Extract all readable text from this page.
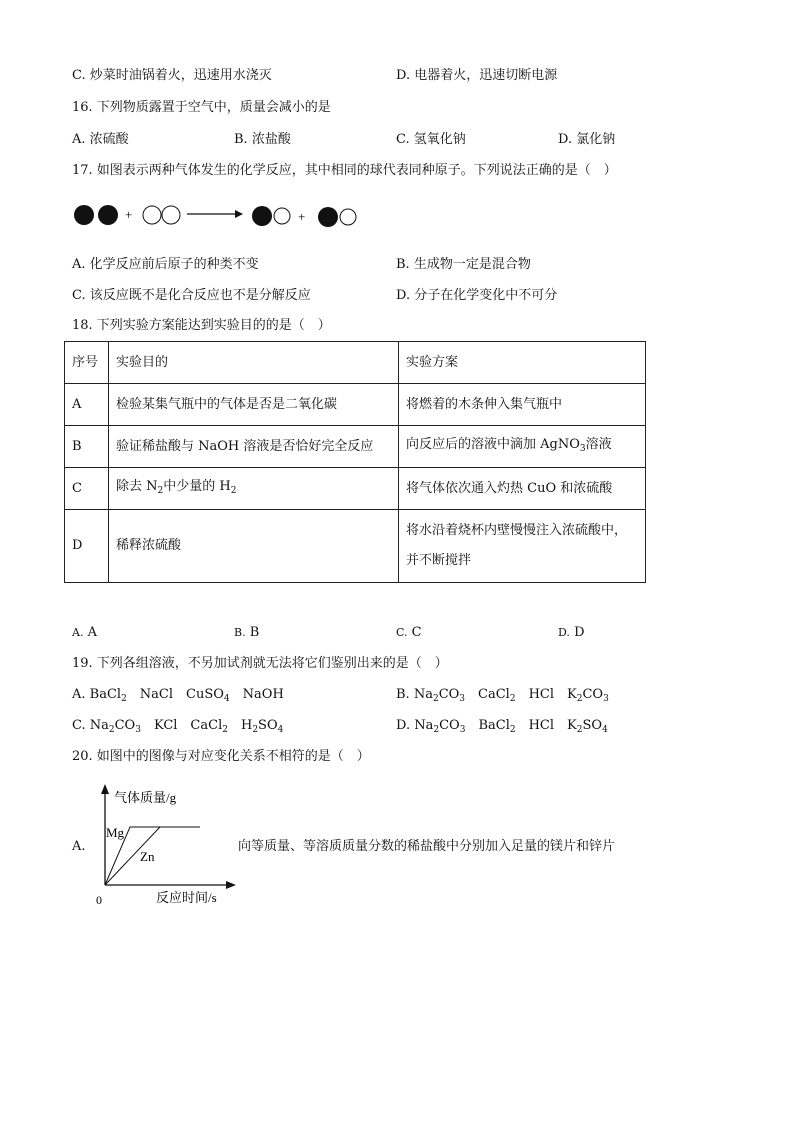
C. 炒菜时油锅着火，迅速用水浇灭	D. 电器着火，迅速切断电源
16. 下列物质露置于空气中，质量会减小的是
A. 浓硫酸	B. 浓盐酸	C. 氢氧化钠	D. 氯化钠
17. 如图表示两种气体发生的化学反应，其中相同的球代表同种原子。下列说法正确的是（　）
+	+
A. 化学反应前后原子的种类不变	B. 生成物一定是混合物
C. 该反应既不是化合反应也不是分解反应	D. 分子在化学变化中不可分
18. 下列实验方案能达到实验目的的是（　）
序号	实验目的	实验方案
A	检验某集气瓶中的气体是否是二氧化碳	将燃着的木条伸入集气瓶中
B	验证稀盐酸与 NaOH 溶液是否恰好完全反应	向反应后的溶液中滴加 AgNO$_3$溶液
C	除去 $N_2$中少量的 $H_2$	将气体依次通入灼热 CuO 和浓硫酸
D	稀释浓硫酸	将水沿着烧杯内壁慢慢注入浓硫酸中，
并不断搅拌
A. A	B. B	C. C	D. D
19. 下列各组溶液，不另加试剂就无法将它们鉴别出来的是（　）
A. BaCl$_2$　NaCl　CuSO$_4$　NaOH	B. $Na_2CO_3$　CaCl$_2$　HCl　$K_2CO_3$
C. $Na_2CO_3$　KCl　CaCl$_2$　$H_2SO_4$	D. $Na_2CO_3$　BaCl$_2$　HCl　$K_2SO_4$
20. 如图中的图像与对应变化关系不相符的是（　）
A.
气体质量/g
反应时间/s
0
Mg
Zn
向等质量、等溶质质量分数的稀盐酸中分别加入足量的镁片和锌片
